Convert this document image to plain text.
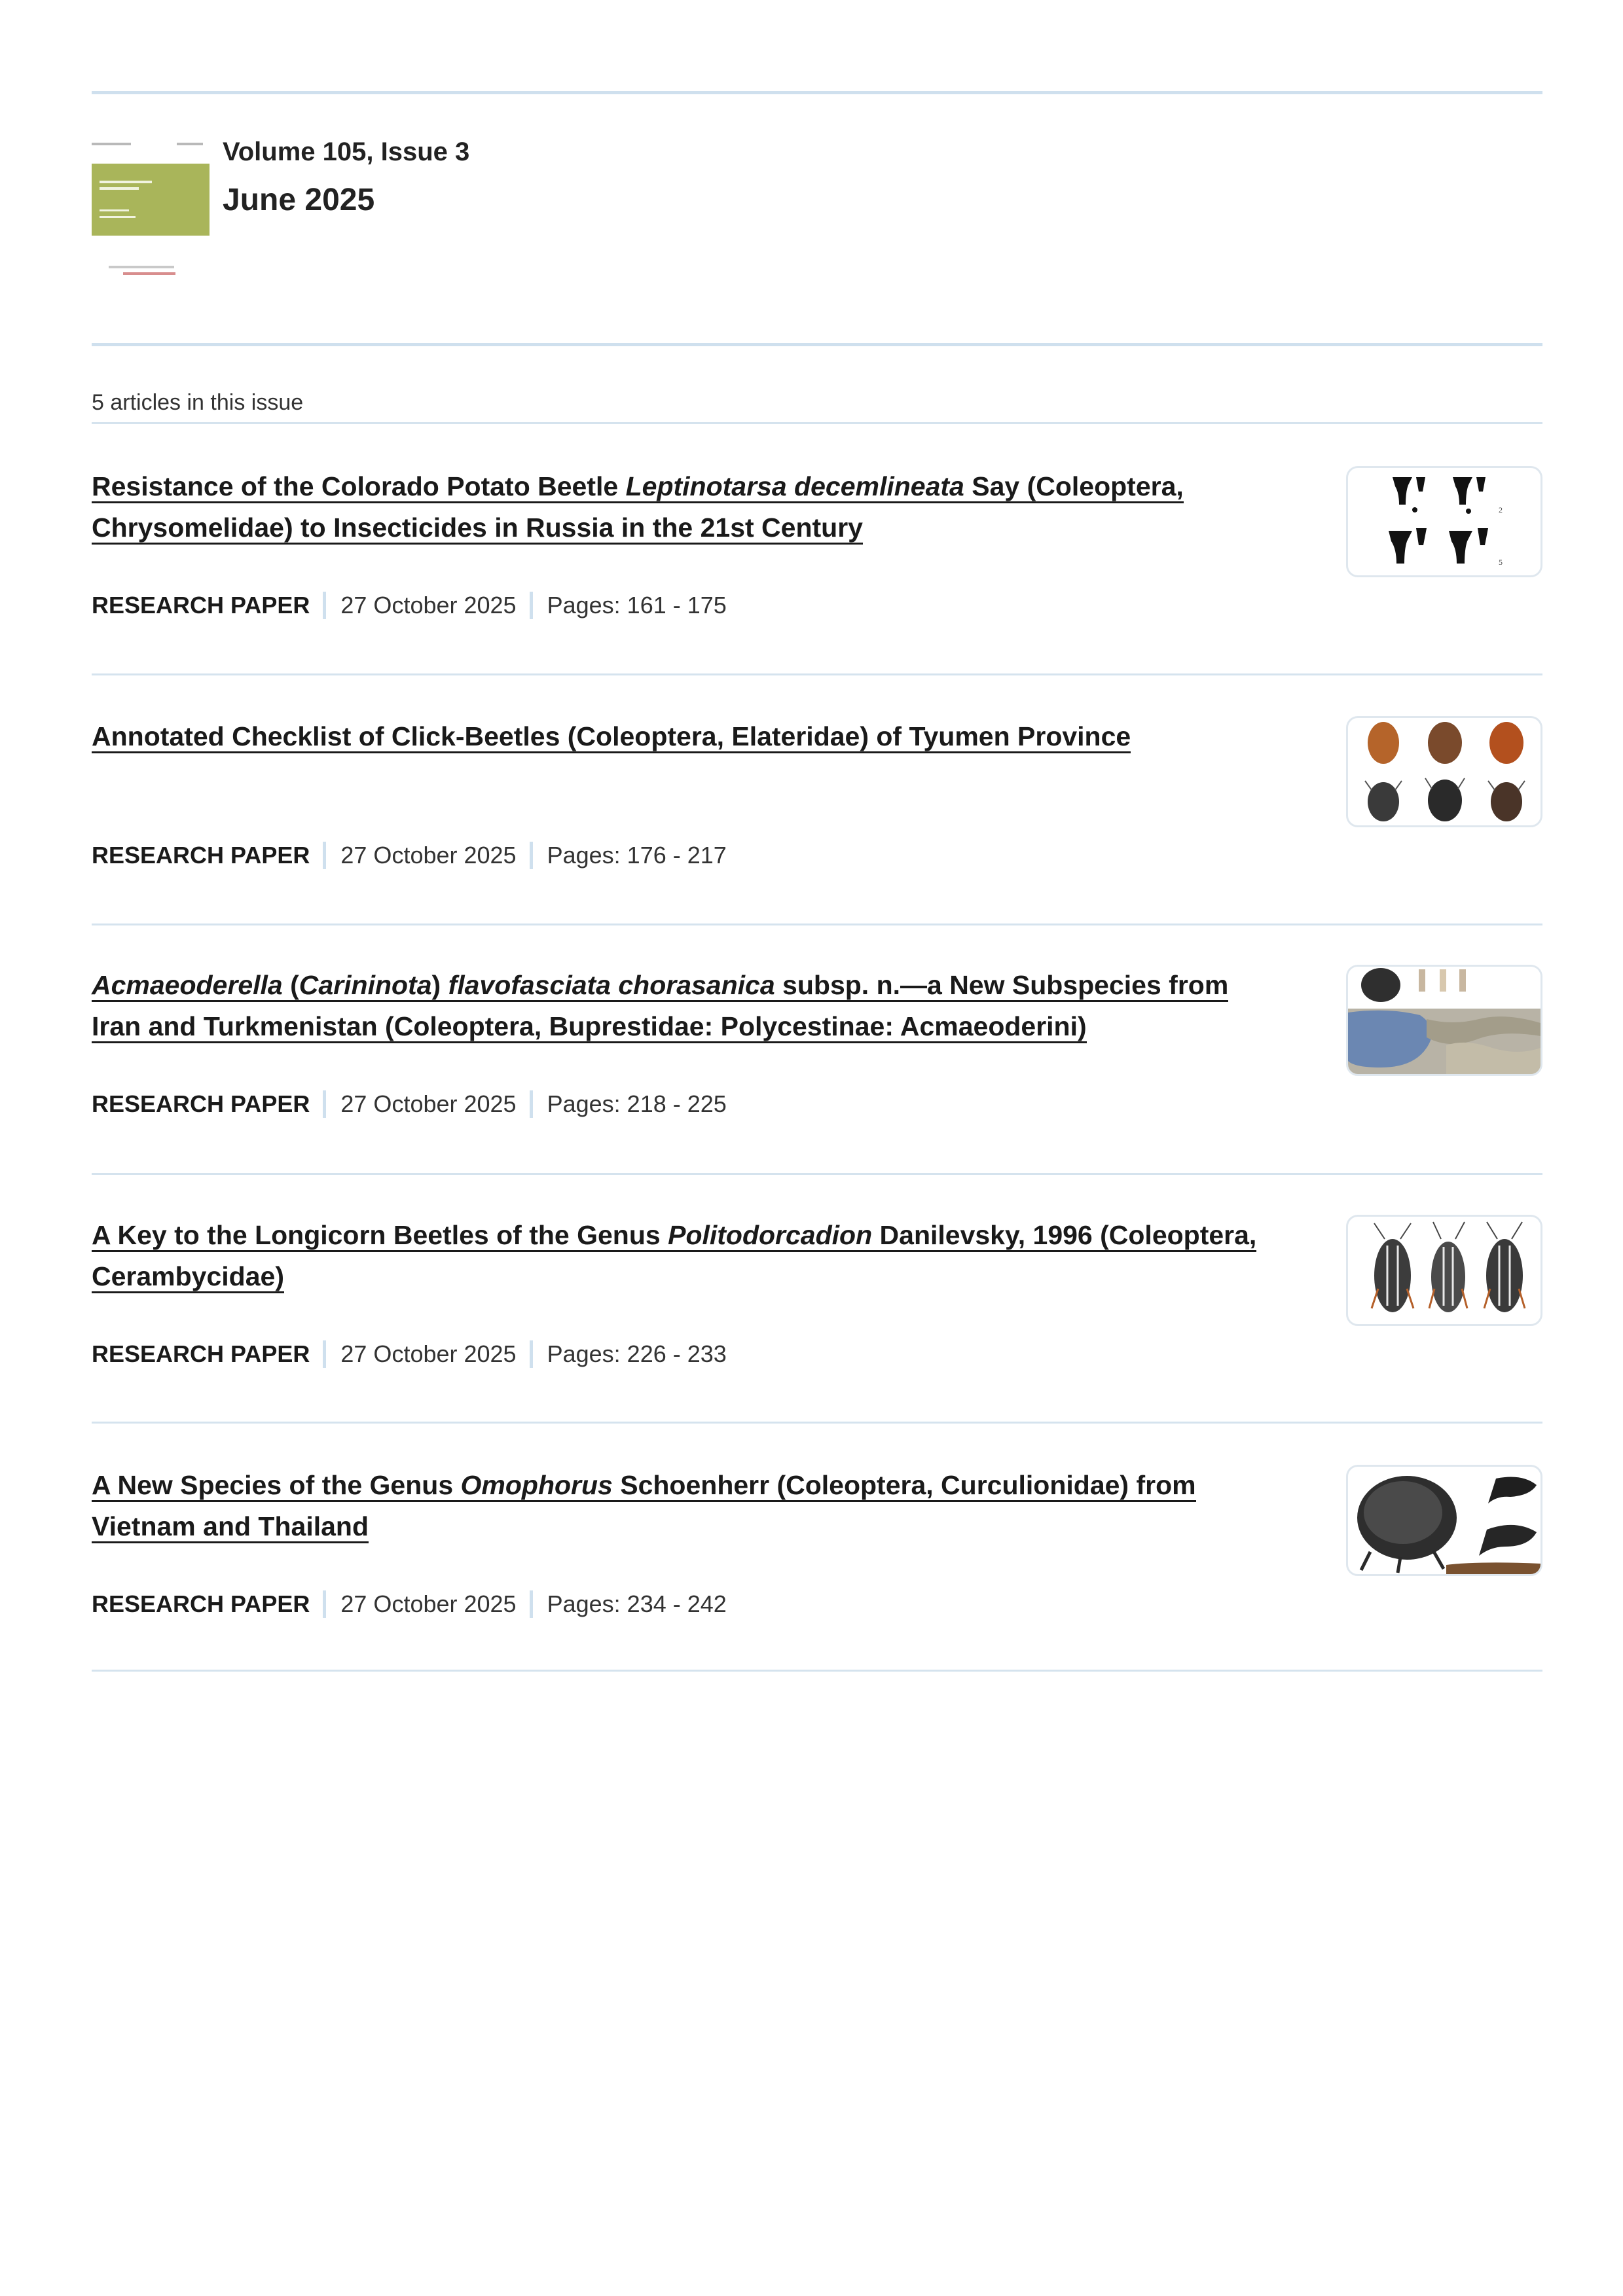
Volume 105, Issue 3
June 2025
5 articles in this issue
Resistance of the Colorado Potato Beetle Leptinotarsa decemlineata Say (Coleoptera, Chrysomelidae) to Insecticides in Russia in the 21st Century
RESEARCH PAPER 27 October 2025 Pages: 161 - 175
2
5
Annotated Checklist of Click-Beetles (Coleoptera, Elateridae) of Tyumen Province
RESEARCH PAPER 27 October 2025 Pages: 176 - 217
Acmaeoderella (Carininota) flavofasciata chorasanica subsp. n.—a New Subspecies from Iran and Turkmenistan (Coleoptera, Buprestidae: Polycestinae: Acmaeoderini)
RESEARCH PAPER 27 October 2025 Pages: 218 - 225
A Key to the Longicorn Beetles of the Genus Politodorcadion Danilevsky, 1996 (Coleoptera, Cerambycidae)
RESEARCH PAPER 27 October 2025 Pages: 226 - 233
A New Species of the Genus Omophorus Schoenherr (Coleoptera, Curculionidae) from Vietnam and Thailand
RESEARCH PAPER 27 October 2025 Pages: 234 - 242
